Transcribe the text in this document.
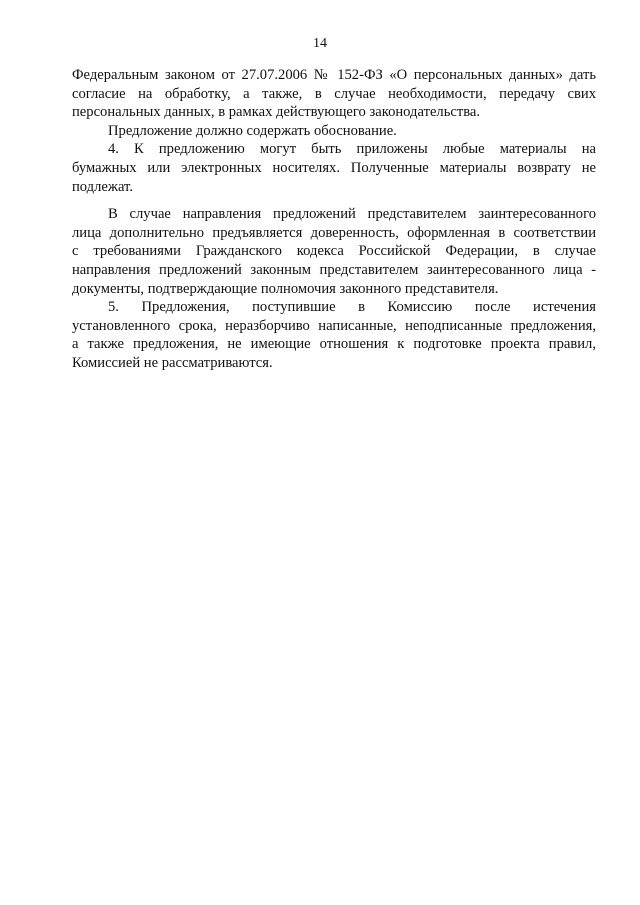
14
Федеральным законом от 27.07.2006 № 152-ФЗ «О персональных данных» дать
согласие на обработку, а также, в случае необходимости, передачу свих
персональных данных, в рамках действующего законодательства.
Предложение должно содержать обоснование.
4. К предложению могут быть приложены любые материалы на
бумажных или электронных носителях. Полученные материалы возврату не
подлежат.
В случае направления предложений представителем заинтересованного
лица дополнительно предъявляется доверенность, оформленная в соответствии
с требованиями Гражданского кодекса Российской Федерации, в случае
направления предложений законным представителем заинтересованного лица -
документы, подтверждающие полномочия законного представителя.
5. Предложения, поступившие в Комиссию после истечения
установленного срока, неразборчиво написанные, неподписанные предложения,
а также предложения, не имеющие отношения к подготовке проекта правил,
Комиссией не рассматриваются.
